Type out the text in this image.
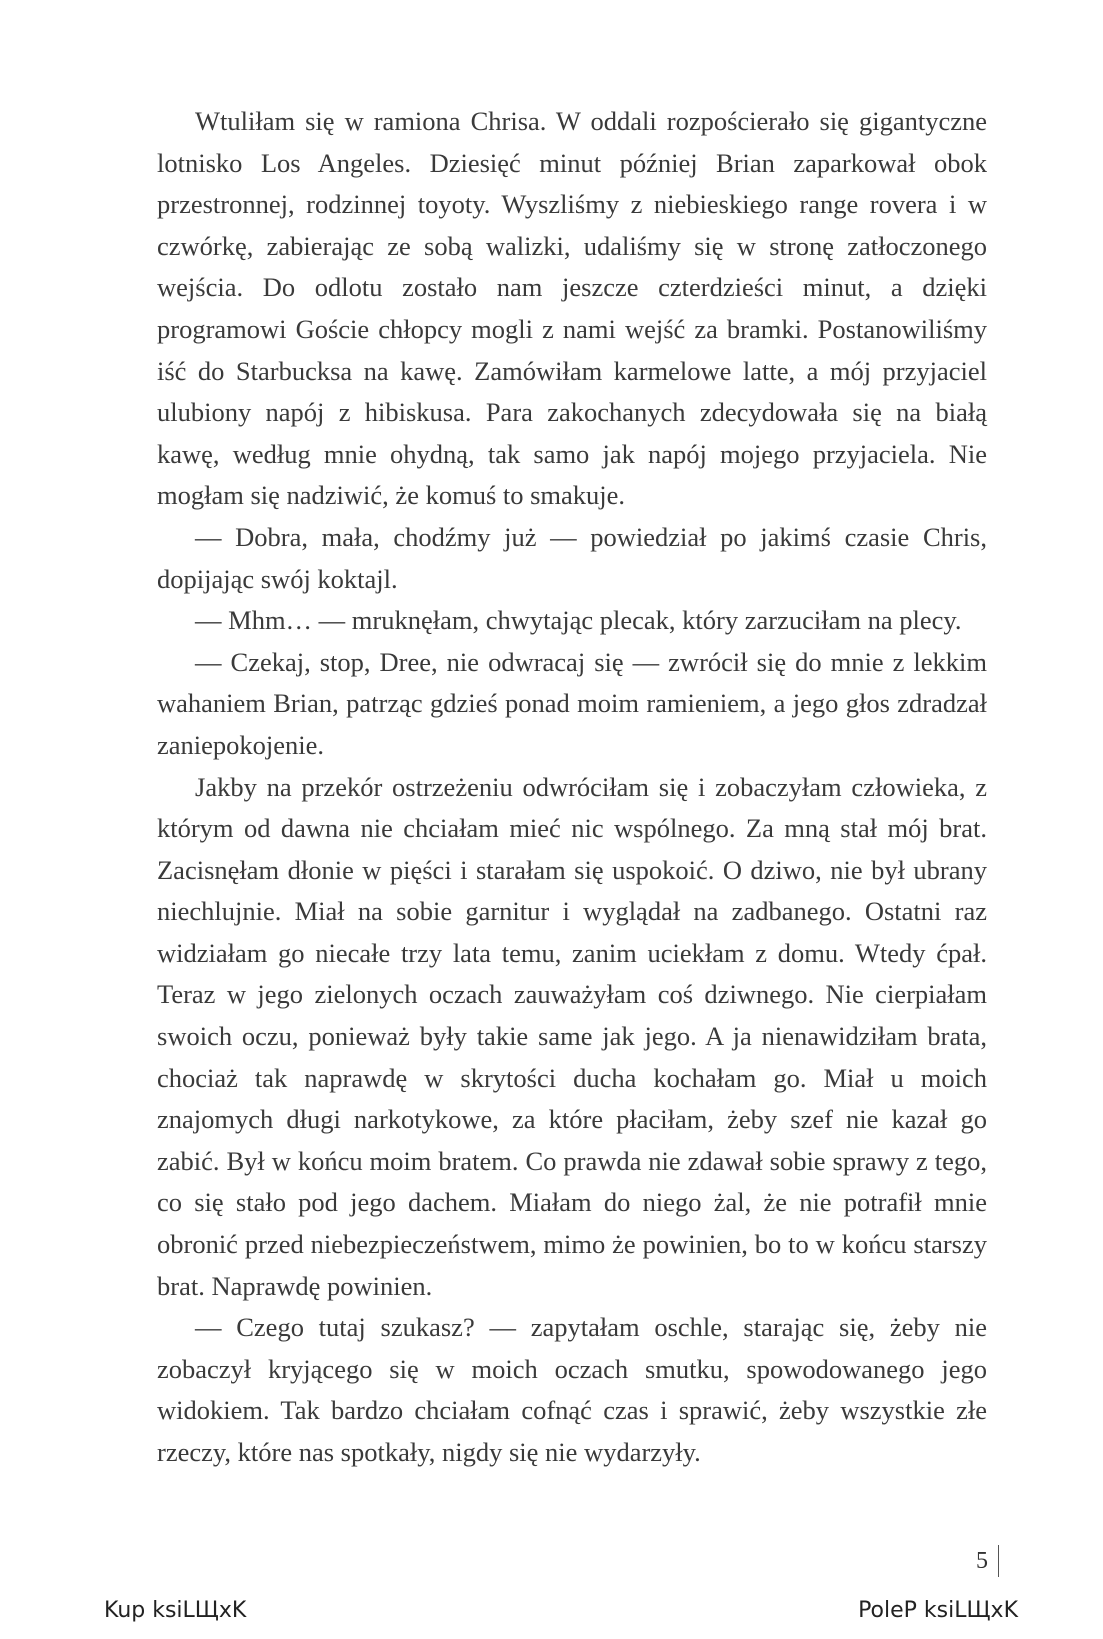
Wtuliłam się w ramiona Chrisa. W oddali rozpościerało się gigantyczne lotnisko Los Angeles. Dziesięć minut później Brian zaparkował obok przestronnej, rodzinnej toyoty. Wyszliśmy z niebieskiego range rovera i w czwórkę, zabierając ze sobą walizki, udaliśmy się w stronę zatłoczonego wejścia. Do odlotu zostało nam jeszcze czterdzieści minut, a dzięki programowi Goście chłopcy mogli z nami wejść za bramki. Postanowiliśmy iść do Starbucksa na kawę. Zamówiłam karmelowe latte, a mój przyjaciel ulubiony napój z hibiskusa. Para zakochanych zdecydowała się na białą kawę, według mnie ohydną, tak samo jak napój mojego przyjaciela. Nie mogłam się nadziwić, że komuś to smakuje.

— Dobra, mała, chodźmy już — powiedział po jakimś czasie Chris, dopijając swój koktajl.

— Mhm… — mruknęłam, chwytając plecak, który zarzuciłam na plecy.

— Czekaj, stop, Dree, nie odwracaj się — zwrócił się do mnie z lekkim wahaniem Brian, patrząc gdzieś ponad moim ramieniem, a jego głos zdradzał zaniepokojenie.

Jakby na przekór ostrzeżeniu odwróciłam się i zobaczyłam człowieka, z którym od dawna nie chciałam mieć nic wspólnego. Za mną stał mój brat. Zacisnęłam dłonie w pięści i starałam się uspokoić. O dziwo, nie był ubrany niechlujnie. Miał na sobie garnitur i wyglądał na zadbanego. Ostatni raz widziałam go niecałe trzy lata temu, zanim uciekłam z domu. Wtedy ćpał. Teraz w jego zielonych oczach zauważyłam coś dziwnego. Nie cierpiałam swoich oczu, ponieważ były takie same jak jego. A ja nienawidziłam brata, chociaż tak naprawdę w skrytości ducha kochałam go. Miał u moich znajomych długi narkotykowe, za które płaciłam, żeby szef nie kazał go zabić. Był w końcu moim bratem. Co prawda nie zdawał sobie sprawy z tego, co się stało pod jego dachem. Miałam do niego żal, że nie potrafił mnie obronić przed niebezpieczeństwem, mimo że powinien, bo to w końcu starszy brat. Naprawdę powinien.

— Czego tutaj szukasz? — zapytałam oschle, starając się, żeby nie zobaczył kryjącego się w moich oczach smutku, spowodowanego jego widokiem. Tak bardzo chciałam cofnąć czas i sprawić, żeby wszystkie złe rzeczy, które nas spotkały, nigdy się nie wydarzyły.

5
Kup ksiLЩxK	PoleP ksiLЩxK
